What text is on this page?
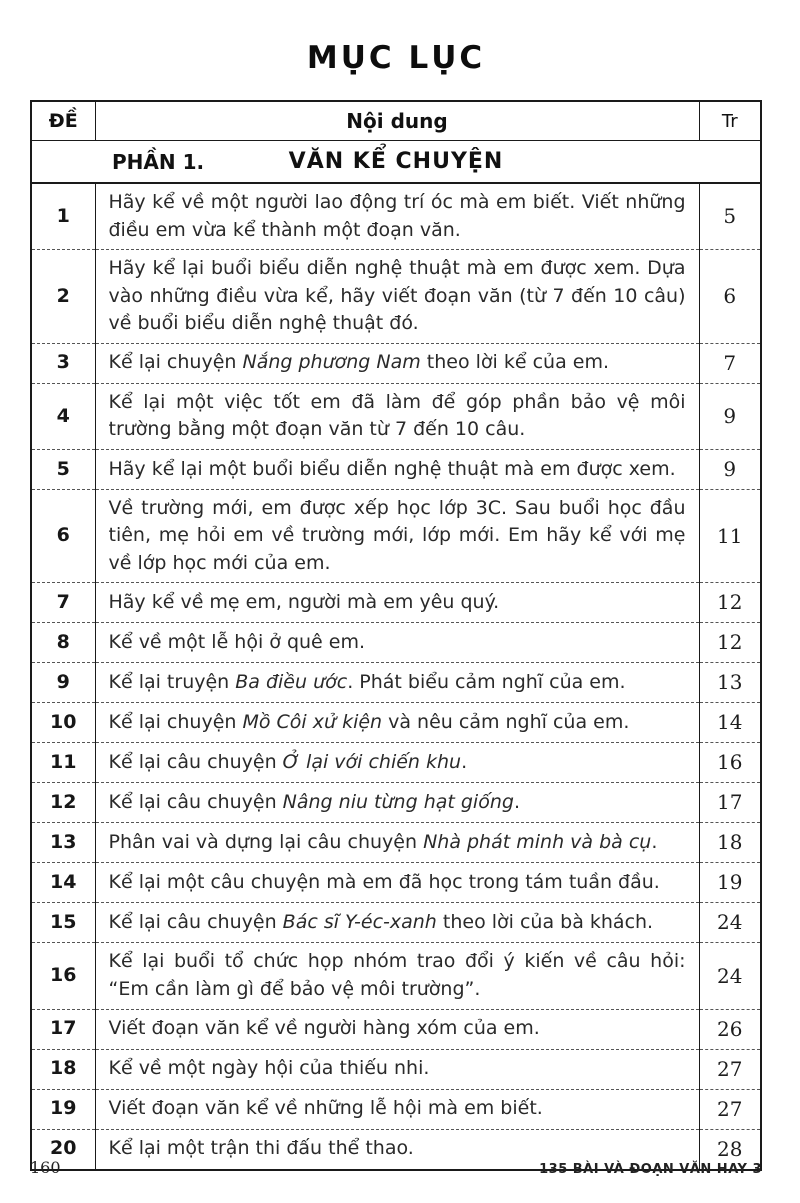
MỤC LỤC
ĐỀ	Nội dung	Tr

PHẦN 1. VĂN KỂ CHUYỆN		
1	Hãy kể về một người lao động trí óc mà em biết. Viết những điều em vừa kể thành một đoạn văn.	5
2	Hãy kể lại buổi biểu diễn nghệ thuật mà em được xem. Dựa vào những điều vừa kể, hãy viết đoạn văn (từ 7 đến 10 câu) về buổi biểu diễn nghệ thuật đó.	6
3	Kể lại chuyện Nắng phương Nam theo lời kể của em.	7
4	Kể lại một việc tốt em đã làm để góp phần bảo vệ môi trường bằng một đoạn văn từ 7 đến 10 câu.	9
5	Hãy kể lại một buổi biểu diễn nghệ thuật mà em được xem.	9
6	Về trường mới, em được xếp học lớp 3C. Sau buổi học đầu tiên, mẹ hỏi em về trường mới, lớp mới. Em hãy kể với mẹ về lớp học mới của em.	11
7	Hãy kể về mẹ em, người mà em yêu quý.	12
8	Kể về một lễ hội ở quê em.	12
9	Kể lại truyện Ba điều ước. Phát biểu cảm nghĩ của em.	13
10	Kể lại chuyện Mồ Côi xử kiện và nêu cảm nghĩ của em.	14
11	Kể lại câu chuyện Ở lại với chiến khu.	16
12	Kể lại câu chuyện Nâng niu từng hạt giống.	17
13	Phân vai và dựng lại câu chuyện Nhà phát minh và bà cụ.	18
14	Kể lại một câu chuyện mà em đã học trong tám tuần đầu.	19
15	Kể lại câu chuyện Bác sĩ Y-éc-xanh theo lời của bà khách.	24
16	Kể lại buổi tổ chức họp nhóm trao đổi ý kiến về câu hỏi: “Em cần làm gì để bảo vệ môi trường”.	24
17	Viết đoạn văn kể về người hàng xóm của em.	26
18	Kể về một ngày hội của thiếu nhi.	27
19	Viết đoạn văn kể về những lễ hội mà em biết.	27
20	Kể lại một trận thi đấu thể thao.	28
160	135 BÀI VÀ ĐOẠN VĂN HAY 3
